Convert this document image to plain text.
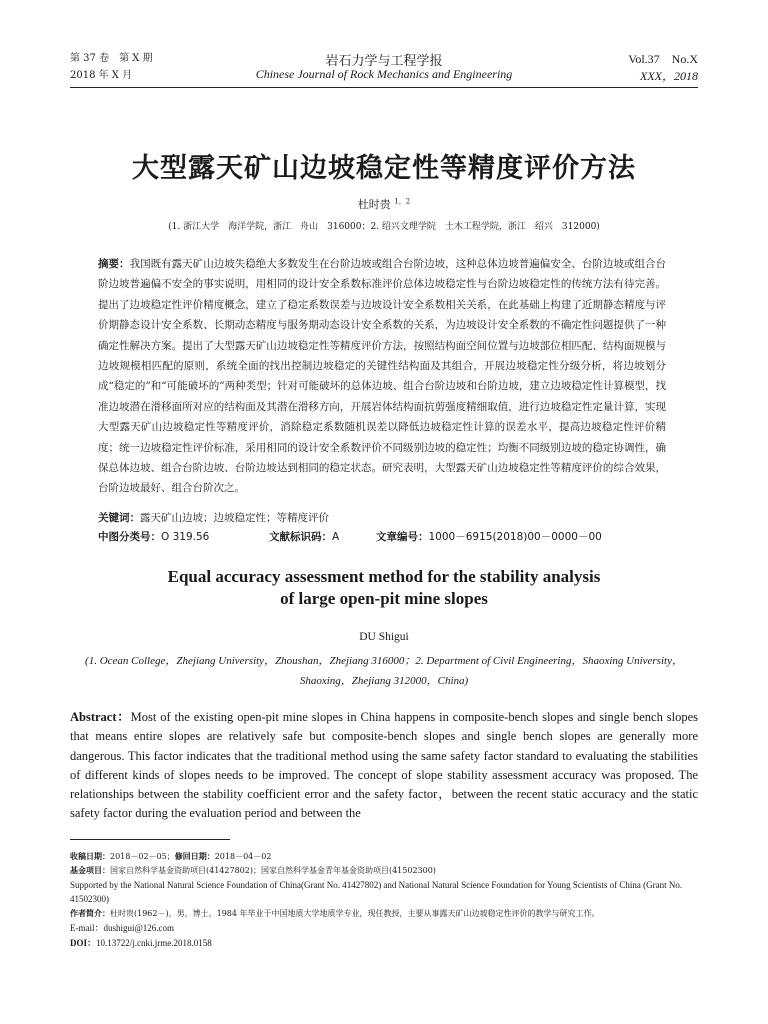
第 37 卷　第 X 期
2018 年 X 月
岩石力学与工程学报
Chinese Journal of Rock Mechanics and Engineering
Vol.37　No.X
XXX，2018
大型露天矿山边坡稳定性等精度评价方法
杜时贵 $^{1,2}$
(1. 浙江大学　海洋学院，浙江　舟山　316000；2. 绍兴文理学院　土木工程学院，浙江　绍兴　312000)
摘要：我国既有露天矿山边坡失稳绝大多数发生在台阶边坡或组合台阶边坡，这种总体边坡普遍偏安全、台阶边坡或组合台阶边坡普遍偏不安全的事实说明，用相同的设计安全系数标准评价总体边坡稳定性与台阶边坡稳定性的传统方法有待完善。提出了边坡稳定性评价精度概念，建立了稳定系数误差与边坡设计安全系数相关关系，在此基础上构建了近期静态精度与评价期静态设计安全系数、长期动态精度与服务期动态设计安全系数的关系，为边坡设计安全系数的不确定性问题提供了一种确定性解决方案。提出了大型露天矿山边坡稳定性等精度评价方法，按照结构面空间位置与边坡部位相匹配、结构面规模与边坡规模相匹配的原则，系统全面的找出控制边坡稳定的关键性结构面及其组合，开展边坡稳定性分级分析，将边坡划分成“稳定的”和“可能破坏的”两种类型；针对可能破坏的总体边坡、组合台阶边坡和台阶边坡，建立边坡稳定性计算模型，找准边坡潜在滑移面所对应的结构面及其潜在滑移方向，开展岩体结构面抗剪强度精细取值，进行边坡稳定性定量计算，实现大型露天矿山边坡稳定性等精度评价，消除稳定系数随机误差以降低边坡稳定性计算的误差水平，提高边坡稳定性评价精度；统一边坡稳定性评价标准，采用相同的设计安全系数评价不同级别边坡的稳定性；均衡不同级别边坡的稳定协调性，确保总体边坡、组合台阶边坡、台阶边坡达到相同的稳定状态。研究表明，大型露天矿山边坡稳定性等精度评价的综合效果，台阶边坡最好、组合台阶次之。
关键词：露天矿山边坡；边坡稳定性；等精度评价
中图分类号：O 319.56	文献标识码：A	文章编号：1000－6915(2018)00－0000－00
Equal accuracy assessment method for the stability analysis
of large open-pit mine slopes
DU Shigui
(1. Ocean College，Zhejiang University，Zhoushan，Zhejiang 316000；2. Department of Civil Engineering，Shaoxing University，Shaoxing，Zhejiang 312000，China)
Abstract：Most of the existing open-pit mine slopes in China happens in composite-bench slopes and single bench slopes that means entire slopes are relatively safe but composite-bench slopes and single bench slopes are generally more dangerous. This factor indicates that the traditional method using the same safety factor standard to evaluating the stabilities of different kinds of slopes needs to be improved. The concept of slope stability assessment accuracy was proposed. The relationships between the stability coefficient error and the safety factor，between the recent static accuracy and the static safety factor during the evaluation period and between the
收稿日期：2018－02－05；修回日期：2018－04－02
基金项目：国家自然科学基金资助项目(41427802)；国家自然科学基金青年基金资助项目(41502300)
Supported by the National Natural Science Foundation of China(Grant No. 41427802) and National Natural Science Foundation for Young Scientists of China (Grant No. 41502300)
作者简介：杜时贵(1962－)，男，博士，1984 年毕业于中国地质大学地质学专业，现任教授，主要从事露天矿山边坡稳定性评价的教学与研究工作。
E-mail：dushigui@126.com
DOI：10.13722/j.cnki.jrme.2018.0158
